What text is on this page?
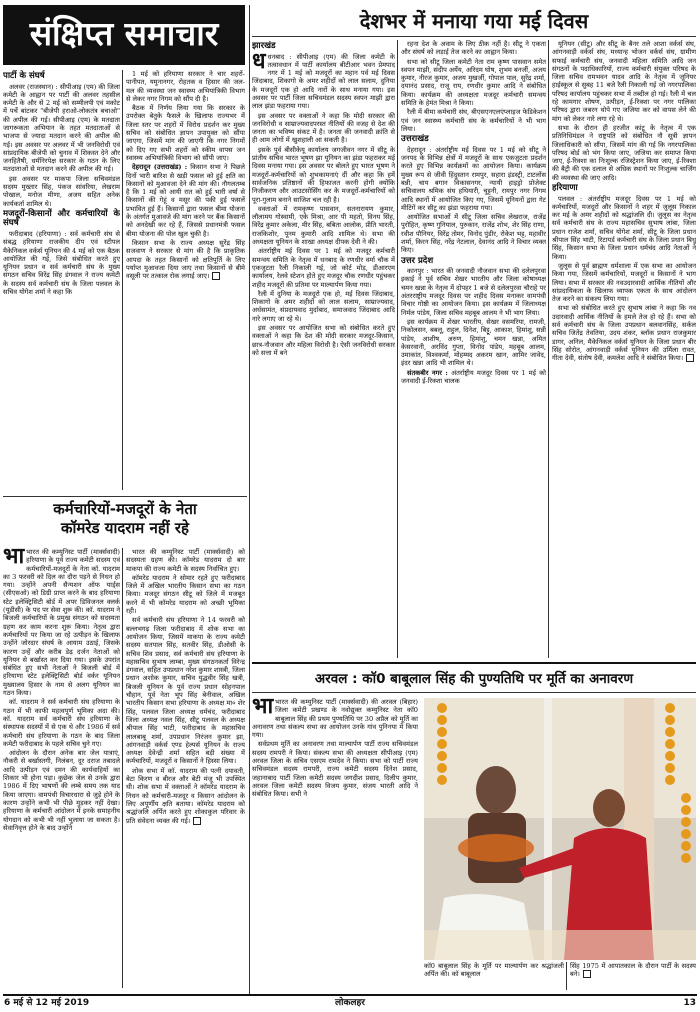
संक्षिप्त समाचार
पार्टी के संघर्ष

अलवर (राजस्थान) : सीपीआइ (एम) की जिला कमेटी के आह्वान पर पार्टी की अलवर तहसील कमेटी के और से 2 मई को सम्मीलपी एवं मकोट में पर्चे बांटकर "बीजेपी हराओ-लोकतंत्र बचाओ" की अपील की गई। सीपीआइ (एम) के मतदाता जागरूकता अभियान के तहत मतदाताओं से भाजपा से ज्यादा मतदान करने की अपील की गई। इस अवसर पर अलवर में भी जनविरोधी एवं सांप्रदायिक बीजेपी को चुनाव में शिकस्त देने और जनहितैषी, धर्मनिरपेक्ष सरकार के गठन के लिए मतदाताओं से मतदान करने की अपील की गई।

इस अवसर पर माकपा जिला सचिवमंडल सदस्य मुख्तार सिंह, पंकज सांवरिया, लेखराम पोखाल, मनोज मीणा, अजय सहित अनेक कार्यकर्ता शामिल थे।

मजदूरों-किसानों और कर्मचारियों के संघर्ष

फरीदाबाद (हरियाणा) : सर्व कर्मचारी संघ से संबद्ध हरियाणा राजकीय दीप एवं स्टीपल मैकेनिकल वर्कर्स यूनियन की 4 मई को एक बैठक आयोजित की गई, जिसे संबोधित करते हुए यूनियन प्रधान व सर्व कर्मचारी संघ के मुख्य संगठन सचिव विरेंद्र सिंह डंगवाल ने राज्य कमेटी के सदस्य सर्व कर्मचारी संघ के जिला पलवल के सचिव योगेश शर्मा ने कहा कि

1 मई को हरियाणा सरकार ने चार शहरों-पानीपत, यमुनानगर, रोहतक व हिसार की जल-मल की व्यवस्था जन स्वास्थ्य अभियांत्रिकी विभाग से लेकर नगर निगम को सौंप दी है।

बैठक में निर्णय लिया गया कि सरकार के उपरोक्त बेतुके फैसले के खिलाफ राज्यभर में जिला स्तर पर शहरों में विरोध प्रदर्शन कर मुख्य सचिव को संबोधित ज्ञापन उपायुक्त को सौंपा जाएगा, जिसमें मांग की जाएगी कि नगर निगमों को दिए गए सभी शहरों को स्कीम वापस जन स्वास्थ्य अभियांत्रिकी विभाग को सौंपी जाए।

देहरादून (उत्तराखंड) : किसान सभा ने पिछले दिनों भारी बारिश से खड़ी फसल को हुई क्षति का किसानों को मुआवजा देने की मांग की। नौगलतम्ब है कि 1 मई को आयी रात को हुई भारी वर्षा से किसानों की गेहूं व मसूर की पकी हुई फसलें प्रभावित हुई हैं। किसानों द्वारा फसल बीमा योजना के अंतर्गत मुआवजे की मांग करने पर बैंक किसानों को अनदेखी कर रहे हैं, जिससे प्रधानमंत्री फसल बीमा योजना की पोल खुल चुकी है।

किसान सभा के राज्य अध्यक्ष सुरेंद्र सिंह सजवाण ने सरकार से मांग की है कि प्राकृतिक आपदा के तहत किसानों को क्षतिपूर्ति के लिए पर्याप्त मुआवजा दिया जाए तथा किसानों से बीमे वसूली पर तत्काल रोक लगाई जाए।

कर्मचारियों-मजदूरों के नेता
कॉमरेड यादराम नहीं रहे

भाभारत की कम्युनिस्ट पार्टी (मार्क्सवादी) हरियाणा के पूर्व राज्य कमेटी सदस्य एवं कर्मचारियों-मजदूरों के नेता कॉ. यादराम का 3 फरवरी को दिल का दौरा पड़ने से निधन हो गया। उन्होंने अपनी सैन्यशन ऑफ यार्ड्स (सीएसओ) को डिग्री प्राप्त करने के बाद हरियाणा स्टेट इलेक्ट्रिसिटी बोर्ड में अपर डिविजनल क्लर्क (यूडीसी) के पद पर सेवा शुरू की। कॉ. यादराम ने बिजली कर्मचारियों के प्रमुख संगठन को सदस्यता ग्रहण कर काम करना शुरू किया। नेतृत्व द्वारा कर्मचारियों पर किया जा रहे उत्पीड़न के खिलाफ उन्होंने जोरदार संघर्ष के आयाम उठाई, जिसके कारण उन्हें और करीब डेढ़ दर्जन नेताओं को यूनियन से बर्खास्त कर दिया गया। इसके उपरांत संबंधित हुए सभी नेताओं ने बिजली बोर्ड में हरियाणा स्टेट इलेक्ट्रिसिटी बोर्ड वर्कर यूनियन मुख्यालय हिसार के नाम से अलग यूनियन का गठन किया।

कॉ. यादराम ने सर्व कर्मचारी संघ हरियाणा के गठन में भी काफी महत्वपूर्ण भूमिका अदा की। कॉ. यादराम सर्व कर्मचारी संघ हरियाणा के संस्थापक सदस्यों में से एक थे और 1986 में सर्व कर्मचारी संघ हरियाणा के गठन के बाद जिला कमेटी फरीदाबाद के पहले सचिव चुने गए।

आंदोलन के दौरान अनेक बार जेल यात्राएं, नौकरी से बर्खास्तगी, निलंबन, दूर दराज तबादले आदि उत्पीड़न एवं दमन की कार्यवाहियों का शिकार भी होना पड़ा। कुछेक जेल से उनके द्वारा 1986 में दिए भाषणों की लम्बे समय तक याद किया जाएगा। वामपंथी विचारधारा से जुड़े होने के कारण उन्होंने कभी भी पीछे मुड़कर नहीं देखा। हरियाणा के कर्मचारी आंदोलन में इनके समाहनीय योगदान को कभी भी नहीं भुलाया जा सकता है। सेवानिवृत्त होने के बाद उन्होंने

भारत की कम्युनिस्ट पार्टी (मार्क्सवादी) को सदस्यता ग्रहण की। कॉमरेड यादराम दो बार माकपा की राज्य कमेटी के सदस्य निर्वाचित हुए।

कॉमरेड यादराम ने सोमार रहते हुए फरीदाबाद जिले में अखिल भारतीय किसान सभा का गठन किया। मजदूर संगठन सीटू को जिले में मजबूत करने में भी कॉमरेड यादराम को अच्छी भूमिका रही।

सर्व कर्मचारी संघ हरियाणा ने 14 फरवरी को बल्लभगढ़ जिला फरीदाबाद में शोक सभा का आयोजन किया, जिसमें माकपा के राज्य कमेटी सदस्य सतपाल सिंह, सतवीर सिंह, डीओसी के सचिव शिव प्रसाद, सर्व कर्मचारी संघ हरियाणा के महासचिव सुभाष लाम्बा, मुख्य संगठनकर्ता विरेन्द्र डंगवाल, सहित उपप्रधान नरेश कुमार शास्त्री, जिला प्रधान अशोक कुमार, सचिव युद्धवीर सिंह खत्री, बिजली यूनियन के पूर्व राज्य प्रधान सोहनपाल चौहान, पूर्व नेता भूप सिंह बेनीवाल, अखिल भारतीय किसान सभा हरियाणा के अध्यक्ष मा० शेर सिंह, पलवल जिला अध्यक्ष धर्मचंद, फरीदाबाद जिला अध्यक्ष नवल सिंह, सीटू पलवल के अध्यक्ष श्रीपाल सिंह भाटी, फरीदाबाद के महासचिव लालबाबू शर्मा, उपप्रधान निरंजन कुमार झा, आंगनवाड़ी वर्कर्स एण्ड हेल्पर्स यूनियन के राज्य अध्यक्ष देवेन्द्री शर्मा सहित बड़ी संख्या में कर्मचारियों, मजदूरों व किसानों ने हिस्सा लिया।

शोक सभा में कॉ. यादराम की पत्नी दयावती, बेटा किरण व बीरज और बेटी मंजू भी उपस्थित थी। शोक सभा में वक्ताओं ने कॉमरेड यादराम के निधन को कर्मचारी-मजदूर व किसान आंदोलन के लिए अपूर्णीय क्षति बताया। कॉमरेड यादराम को श्रद्धांजलि अर्पित करते हुए शोकाकुल परिवार के प्रति संवेदना व्यक्त की गई।

देशभर में मनाया गया मई दिवस
झारखंड

धधनबाद : सीपीआइ (एम) की जिला कमेटी के तत्वावधान में पार्टी कार्यालय बीटीआर भवन प्रेमपाद नगर में 1 मई को मजदूरों का महान पर्व मई दिवस जिंदाबाद, शिकागो के अमर शहीदों को लाल सलाम, दुनिया के मजदूरों एक हो आदि नारों के साथ मनाया गया। इस अवसर पर पार्टी जिला सचिवमंडल सदस्य स्वपन माझी द्वारा लाल झंडा फहराया गया।

इस अवसर पर वक्ताओं ने कहा कि मोदी सरकार की जनविरोधी व साम्राज्यवादपरस्त नीतियों की वजह से देश की जनता का भविष्य संकट में है। जनता की जनवादी क्रांति से ही आम लोगों में खुशहाली आ सकती है।

इसके पूर्व बीसीकेयू कार्यालय जगजीवन नगर में सीटू के प्रांतीय सचिव भारत भूषण झा यूनियन का झंडा फहराकर मई दिवस मनाया गया। इस अवसर पर बोलते हुए भारत भूषण ने मजदूरों-कर्मचारियों को शुभकामनाएं दीं और कहा कि हमें सार्वजनिक प्रतिष्ठानों की हिफाजत करनी होगी क्योंकि निजीकरण और आउटसोर्सिंग कर के मजदूरों-कर्मचारियों को पूरा-गुलाम बनाने साजिश चल रही है।

वक्ताओं में रामकृष्ण पासवान, सतनारायण कुमार, लौलामय गोस्वामी, एके मिश्रा, आर पी महतो, विनय सिंह, विरेंद्र कुमार अकेला, मीर सिंह, बबिता आलोक, प्रीति भारती, राजकिशोर, पूनम कुमारी आदि शामिल थे। सभा की अध्यक्षता यूनियन के शाखा अध्यक्ष दीपक देवी ने की।

अंतर्राष्ट्रीय मई दिवस पर 1 मई को मजदूर कर्मचारी समन्वय समिति के नेतृत्व में धनबाद के रणधीर वर्मा चौक में एकजुटता रैली निकाली गई, जो कोर्ट मोड़, डीआरएम कार्यालय, रेलवे स्टेशन होते हुए मजदूर चौक रणधीर पहुंचकर शहीद मजदूरों की प्रतिमा पर माल्यार्पण किया गया।

रैली में दुनिया के मजदूरो एक हो, मई दिवस जिंदाबाद, शिकागो के अमर शहीदों को लाल सलाम, साम्राज्यवाद, अर्धसामंत, संप्रदायवाद मुर्दाबाद, समाजवाद जिंदाबाद आदि नारे लगाए जा रहे थे।

इस अवसर पर आयोजित सभा को संबोधित करते हुए वक्ताओं ने कहा कि देश की मोदी सरकार मजदूर-किसान, छात्र-नौजवान और महिला विरोधी है। ऐसी जनविरोधी सरकार को सत्ता में बने

रहना देश के अवाम के लिए ठीक नहीं है। सीटू ने एकता और संघर्ष को लड़ाई तेज करने का आह्वान किया।

सभा को सीटू जिला कमेटी नेता राम कृष्ण पासवान समेत स्वपन माझी, संदीप अर्येय, अरिदम घोष, शुभम बनर्जी, अजय कुमार, नीरज कुमार, अजय मुखर्जी, गोपाल पाल, सुरेंद्र शर्मा, दयानंद प्रसाद, राजू राय, रणधीर कुमार आदि ने संबोधित किया। कार्यक्रम की अध्यक्षता मजदूर कर्मचारी समन्वय समिति के हेमंत मिश्रा ने किया।

रैली में बीमा कर्मचारी संघ, बीएसएनएलएंप्लाइज फेडिकेशन एवं जन स्वास्थ्य कर्मचारी संघ के कर्मचारियों ने भी भाग लिया।

उत्तराखंड

देहरादून : अंतर्राष्ट्रीय मई दिवस पर 1 मई को सीटू ने जनपद के विभिन्न क्षेत्रों में मजदूरों के साथ एकजुटता प्रदर्शन करते हुए विभिन्न कार्यक्रमों का आयोजन किया। कार्यक्रम मुख्य रूप से जीवी हिंदुस्तान रामपुर, सहारा इंडस्ट्री, टाटलोंस बन्नी, चाय बगान विकासनगर, न्यायी हाइड्रो प्रोजेक्ट सचिवालय श्रमिक संघ हथियारी, चुट्टनी, रायपुर नगर निगम आदि स्थानों में आयोजित किए गए, जिसमें यूनियनों द्वारा गेट मीटिंगें कर सीटू का झंडा फहराया गया।

आयोजित सभाओं में सीटू जिला सचिव लेखराज, राजेंद्र पुरोहित, कृष्ण गुनियाल, पुरुकान, राजेंद्र शोभ, शेर सिंह राणा, रवीश पौनियर, विरेंद्र तोमर, विनोद पुंडीर, रोकेश भट्ट, महावीर शर्मा, किरन सिंह, नरेंद्र नेटलाल, देवानंद आदि ने विचार व्यक्त किए।

उत्तर प्रदेश

कानपुर : भारत की जनवादी नौजवान सभा की दलेलपुरवा इकाई ने पूर्व सचिव शेखर भारतीय और जिला कोषाध्यक्ष चमन खन्ना के नेतृत्व में दोपहर 1 बजे से दलेलपुरवा चौराहे पर अंतरराष्ट्रीय मजदूर दिवस पर शहीद दिवस मनाकर वामपंथी विचार गोष्ठी का आयोजन किया। इस कार्यक्रम में जिलाध्यक्ष निर्मल पांडेय, जिला सचिव महबूब आलम ने भी भाग लिया।

इस कार्यक्रम में शेखर भारतीय, सेखर वसमरिया, रामजी, निकोलसन, बबलू, राहुल, दिनेश, बिट्टू, आकाश, हिमांशु, सन्नी पांडेय, आशीष, अरुण, हिमांशु, चमन खन्ना, अमित केसरवानी, अरविंद गुप्ता, विनोद पांडेय, महबूब आलम, उमाकांत, विश्वकर्मा, मोहम्मद अकरम खान, आमिर जावेद, इंदर खन्ना आदि भी शामिल थे।

संतकबीर नगर : अंतर्राष्ट्रीय मजदूर दिवस पर 1 मई को जनवादी ई-रिक्शा चालक

यूनियन (सीटू) और सीटू के बैनर तले आशा वर्कर्स संघ, आंगनवाड़ी वर्कर्स संघ, मध्यान्ह भोजन वर्कर्स संघ, ग्रामीण सफाई कर्मचारी संघ, जनवादी महिला समिति आदि जन संगठनों के पदाधिकारियों, राज्य कर्मचारी संयुक्त परिषद के जिला सचिव रामभवन यादव आदि के नेतृत्व में जूनियर हाईस्कूल से सुबह 11 बजे रैली निकाली गई जो नगरपालिका परिषद कार्यालय पहुंचकर सभा में तब्दील हो गई। रैली में चल रहे कामगार शोषण, उत्पीड़न, ई-रिक्शा पर नगर पालिका परिषद द्वारा जबरन थोपे गए जजिया कर को वापस लेने की मांग को लेकर नारे लगा रहे थे।

सभा के दौरान ही हरजीत कांटू के नेतृत्व में एक प्रतिनिधिमंडल ने राष्ट्रपति को संबोधित नौ सूत्री ज्ञापन जिलाधिकारी को सौंपा, जिसमें मांग की गई कि नगरपालिका परिषद बोर्ड को भंग किया जाए, जजिया कर समाप्त किया जाए, ई-रिक्शा का निःशुल्क रजिस्ट्रेशन किया जाए, ई-रिक्शा की बैट्री की एक दलाल से अधिक स्थानों पर निःशुल्क चार्जिंग की व्यवस्था की जाए आदि।

हरियाणा

पलवल : अंतर्राष्ट्रीय मजदूर दिवस पर 1 मई को कर्मचारियों, मजदूरों और किसानों ने शहर में जुलूस निकाल कर मई के अमर शहीदों को श्रद्धांजलि दी। जुलूस का नेतृत्व सर्व कर्मचारी संघ के राज्य महासचिव सुभाष लांबा, जिला प्रधान राजेश शर्मा, सचिव योगेश शर्मा, सीटू के जिला प्रधान श्रीपाल सिंह भाटी, रिटायर्ड कर्मचारी संघ के जिला प्रधान बिधु सिंह, किसान सभा के जिला प्रधान धर्मचंद आदि नेताओं ने किया।

जुलूस से पूर्व ब्राह्मण धर्मशाला में एक सभा का आयोजन किया गया, जिसमें कर्मचारियों, मजदूरों व किसानों ने भाग लिया। सभा में सरकार की नवउदारवादी आर्थिक नीतियों और सांप्रदायिकता के खिलाफ व्यापक एकता के साथ आंदोलन तेज करने का संकल्प लिया गया।

सभा को संबोधित करते हुए सुभाष लांबा ने कहा कि नव उदारवादी आर्थिक नीतियों के हमले तेज हो रहे हैं। सभा को सर्व कर्मचारी संघ के जिला उपप्रधान बलवानसिंह, सर्कल सचिव जितेंद्र तेवतिया, उदय शंकर, ब्लॉक प्रधान राजकुमार डागर, अनिल, मैकेनिकल वर्कर्स यूनियन के जिला प्रधान बीर सिंह सोरोत, आंगनवाड़ी वर्कर्स यूनियन की उर्मिला रावत, गीता देवी, संतोष देवी, कमलेश आदि ने संबोधित किया।

अरवल : कॉ0 बाबूलाल सिंह की पुण्यतिथि पर मूर्ति का अनावरण

भाभारत की कम्युनिस्ट पार्टी (मार्क्सवादी) की अरवल (बिहार) जिला कमेटी प्रखण्ड के नवोद्युक्त कम्युनिस्ट नेता कॉ0 बाबूलाल सिंह की प्रथम पुण्यतिथि पर 30 अप्रैल को मूर्ति का अनावरण तथा संकल्प सभा का आयोजन उनके गांव पुनिनया में किया गया।

सर्वप्रथम मूर्ति का अनावरण तथा माल्यार्पण पार्टी राज्य सचिवमंडल सदस्य रामपरी ने किया। संकल्प सभा की अध्यक्षता सीपीआइ (एम) अरवल जिला के सचिव एसएम रामदेव ने किया। सभा को पार्टी राज्य सचिवमंडल सदस्य रामपरी, राज्य कमेटी सदस्य दिनेश प्रसाद, जहानाबाद पार्टी जिला कमेटी सदस्य जगदीश प्रसाद, दिलीप कुमार, अरवल जिला कमेटी सदस्य विजय कुमार, संजय भारती आदि ने संबोधित किया। सभी ने

कॉ0 बाबूलाल सिंह के मूर्ति पर माल्यार्पण कर श्रद्धांजली अर्पित की। कॉ बाबूलाल
सिंह 1975 में आपातकाल के दौरान पार्टी के सदस्य बने।
6 मई से 12 मई 2019	लोकलहर	13
